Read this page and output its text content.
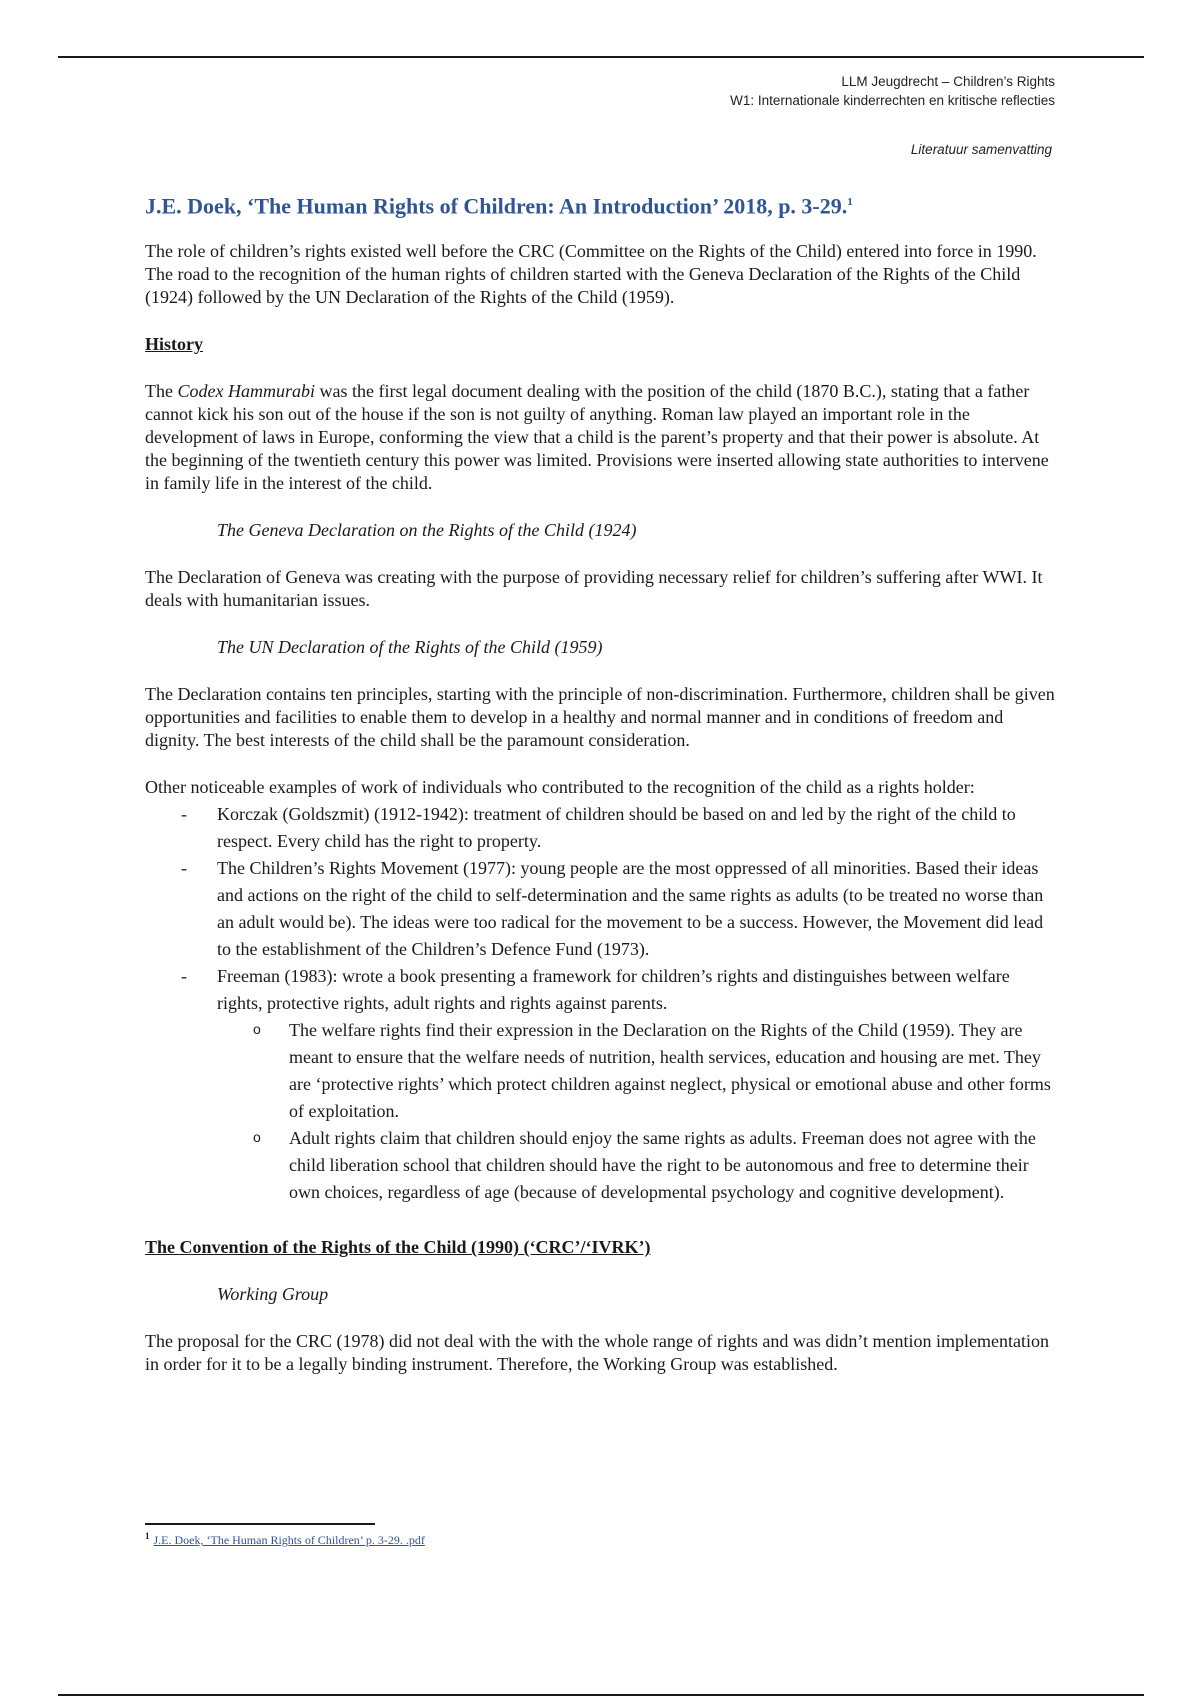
LLM Jeugdrecht – Children’s Rights
W1: Internationale kinderrechten en kritische reflecties
Literatuur samenvatting
J.E. Doek, ‘The Human Rights of Children: An Introduction’ 2018, p. 3-29.$^1$

The role of children’s rights existed well before the CRC (Committee on the Rights of the Child) entered into force in 1990. The road to the recognition of the human rights of children started with the Geneva Declaration of the Rights of the Child (1924) followed by the UN Declaration of the Rights of the Child (1959).

History

The Codex Hammurabi was the first legal document dealing with the position of the child (1870 B.C.), stating that a father cannot kick his son out of the house if the son is not guilty of anything. Roman law played an important role in the development of laws in Europe, conforming the view that a child is the parent’s property and that their power is absolute. At the beginning of the twentieth century this power was limited. Provisions were inserted allowing state authorities to intervene in family life in the interest of the child.

The Geneva Declaration on the Rights of the Child (1924)

The Declaration of Geneva was creating with the purpose of providing necessary relief for children’s suffering after WWI. It deals with humanitarian issues.

The UN Declaration of the Rights of the Child (1959)

The Declaration contains ten principles, starting with the principle of non-discrimination. Furthermore, children shall be given opportunities and facilities to enable them to develop in a healthy and normal manner and in conditions of freedom and dignity. The best interests of the child shall be the paramount consideration.

Other noticeable examples of work of individuals who contributed to the recognition of the child as a rights holder:

- Korczak (Goldszmit) (1912-1942): treatment of children should be based on and led by the right of the child to respect. Every child has the right to property.
- The Children’s Rights Movement (1977): young people are the most oppressed of all minorities. Based their ideas and actions on the right of the child to self-determination and the same rights as adults (to be treated no worse than an adult would be). The ideas were too radical for the movement to be a success. However, the Movement did lead to the establishment of the Children’s Defence Fund (1973).
- Freeman (1983): wrote a book presenting a framework for children’s rights and distinguishes between welfare rights, protective rights, adult rights and rights against parents.
o The welfare rights find their expression in the Declaration on the Rights of the Child (1959). They are meant to ensure that the welfare needs of nutrition, health services, education and housing are met. They are ‘protective rights’ which protect children against neglect, physical or emotional abuse and other forms of exploitation.
o Adult rights claim that children should enjoy the same rights as adults. Freeman does not agree with the child liberation school that children should have the right to be autonomous and free to determine their own choices, regardless of age (because of developmental psychology and cognitive development).
The Convention of the Rights of the Child (1990) (‘CRC’/‘IVRK’)
Working Group

The proposal for the CRC (1978) did not deal with the with the whole range of rights and was didn’t mention implementation in order for it to be a legally binding instrument. Therefore, the Working Group was established.

$^1$ J.E. Doek, ‘The Human Rights of Children’ p. 3-29. .pdf
